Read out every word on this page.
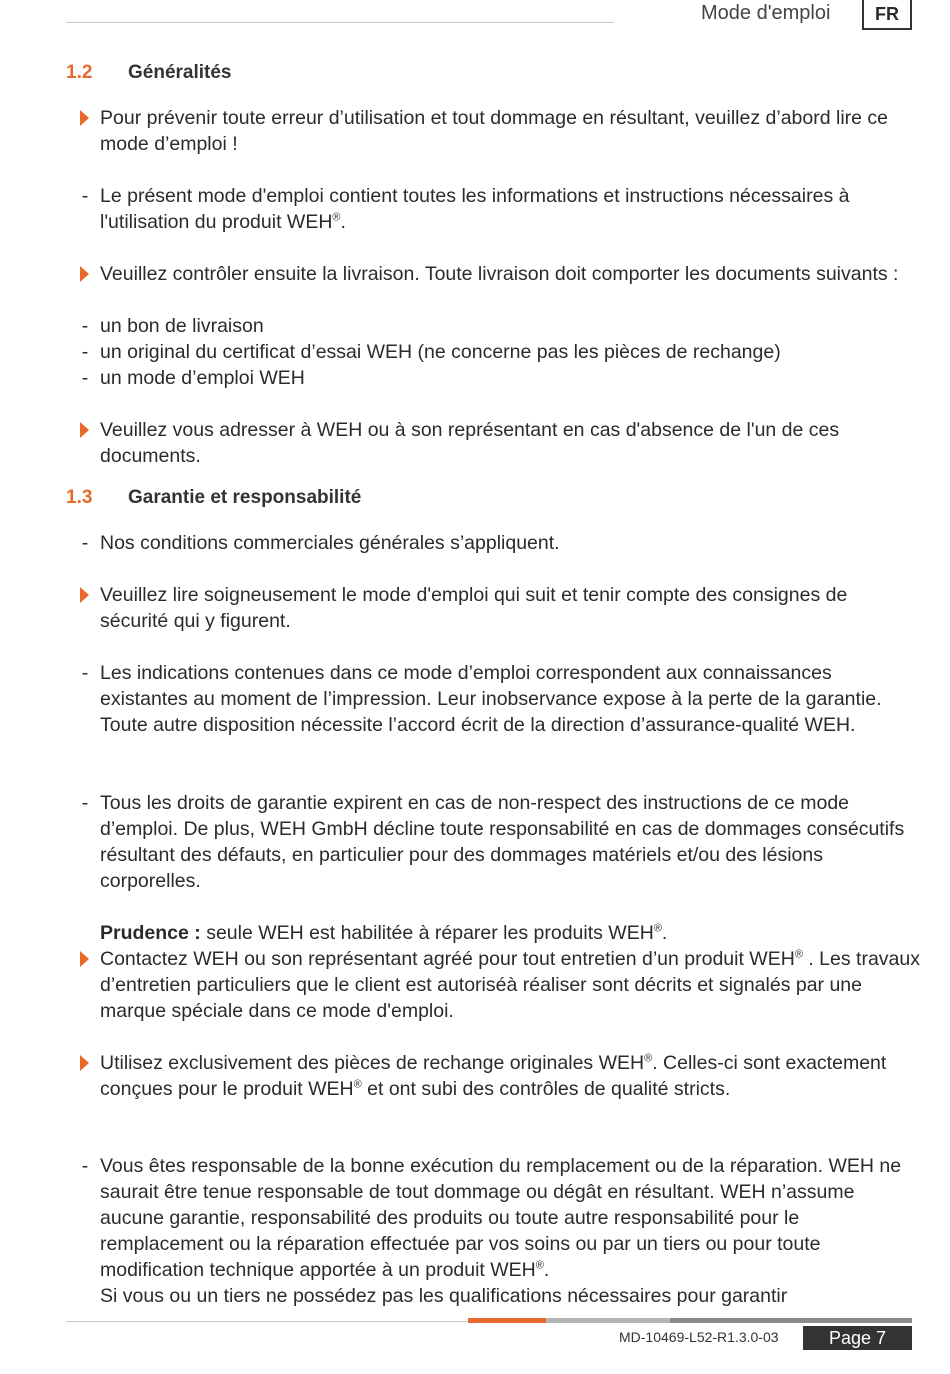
Mode d'emploi	FR
1.2 Généralités
Pour prévenir toute erreur d’utilisation et tout dommage en résultant, veuillez d’abord lire ce mode d’emploi !
- Le présent mode d'emploi contient toutes les informations et instructions nécessaires à l'utilisation du produit WEH®.
Veuillez contrôler ensuite la livraison. Toute livraison doit comporter les documents suivants :
- un bon de livraison
- un original du certificat d’essai WEH (ne concerne pas les pièces de rechange)
- un mode d’emploi WEH
Veuillez vous adresser à WEH ou à son représentant en cas d'absence de l'un de ces documents.
1.3 Garantie et responsabilité
- Nos conditions commerciales générales s’appliquent.
Veuillez lire soigneusement le mode d'emploi qui suit et tenir compte des consignes de sécurité qui y figurent.
- Les indications contenues dans ce mode d’emploi correspondent aux connaissances existantes au moment de l’impression. Leur inobservance expose à la perte de la garantie. Toute autre disposition nécessite l’accord écrit de la direction d’assurance-qualité WEH.
- Tous les droits de garantie expirent en cas de non-respect des instructions de ce mode d’emploi. De plus, WEH GmbH décline toute responsabilité en cas de dommages consécutifs résultant des défauts, en particulier pour des dommages matériels et/ou des lésions corporelles.
Prudence : seule WEH est habilitée à réparer les produits WEH®.
Contactez WEH ou son représentant agréé pour tout entretien d’un produit WEH® . Les travaux d’entretien particuliers que le client est autoriséà réaliser sont décrits et signalés par une marque spéciale dans ce mode d'emploi.
Utilisez exclusivement des pièces de rechange originales WEH®. Celles-ci sont exactement conçues pour le produit WEH® et ont subi des contrôles de qualité stricts.
- Vous êtes responsable de la bonne exécution du remplacement ou de la réparation. WEH ne saurait être tenue responsable de tout dommage ou dégât en résultant. WEH n’assume aucune garantie, responsabilité des produits ou toute autre responsabilité pour le remplacement ou la réparation effectuée par vos soins ou par un tiers ou pour toute modification technique apportée à un produit WEH®.
Si vous ou un tiers ne possédez pas les qualifications nécessaires pour garantir
MD-10469-L52-R1.3.0-03	Page 7
